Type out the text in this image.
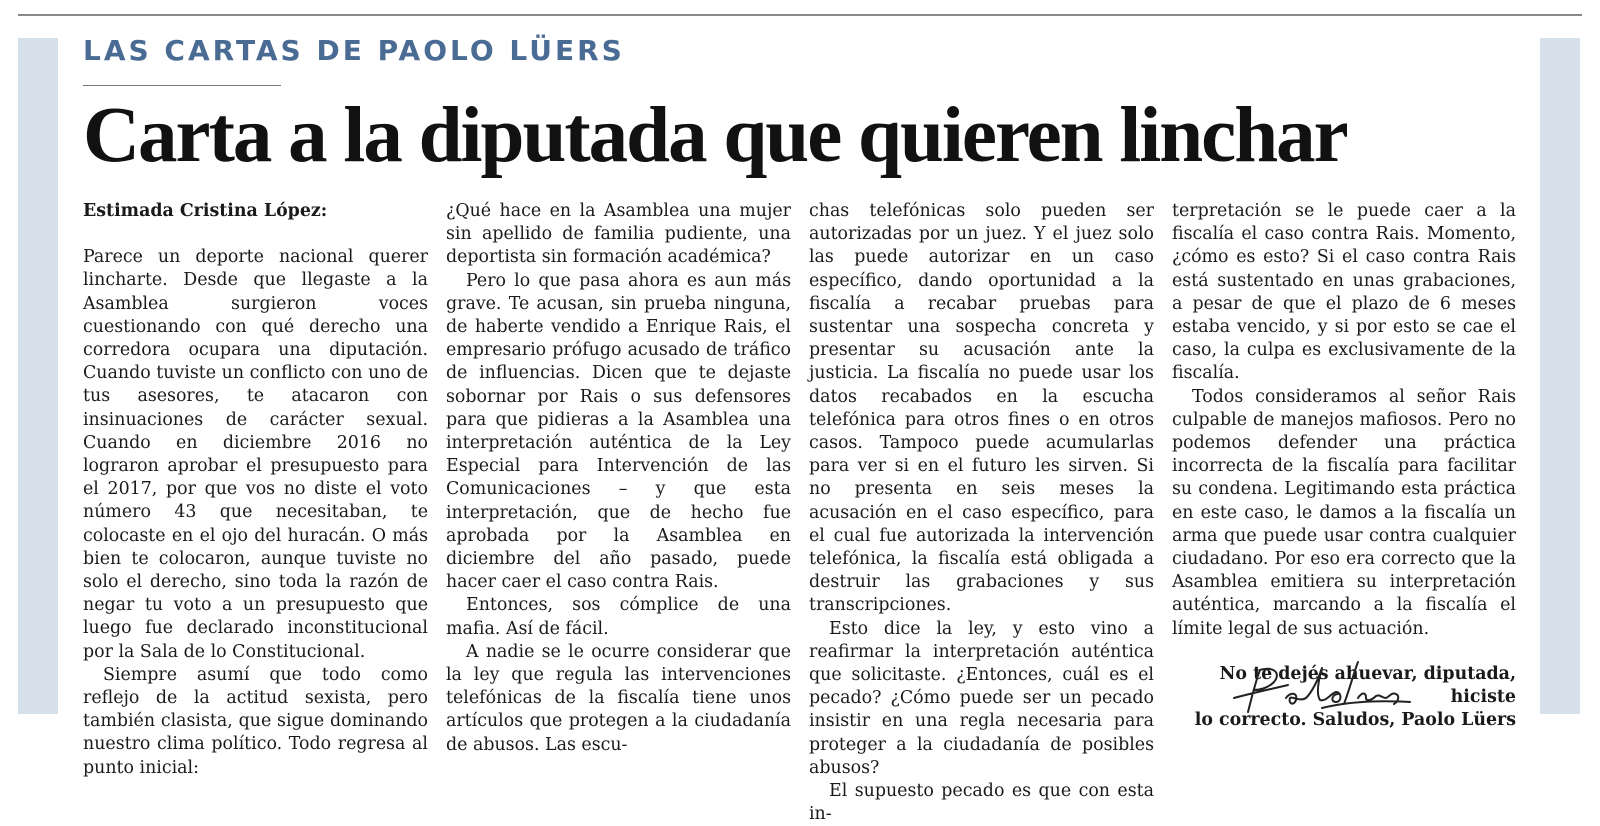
LAS CARTAS DE PAOLO LÜERS
Carta a la diputada que quieren linchar

Estimada Cristina López:

Parece un deporte nacional querer lincharte. Desde que llegaste a la Asamblea surgieron voces cuestionando con qué derecho una corredora ocupara una diputación. Cuando tuviste un conflicto con uno de tus asesores, te atacaron con insinuaciones de carácter sexual. Cuando en diciembre 2016 no lograron aprobar el presupuesto para el 2017, por que vos no diste el voto número 43 que necesitaban, te colocaste en el ojo del huracán. O más bien te colocaron, aunque tuviste no solo el derecho, sino toda la razón de negar tu voto a un presupuesto que luego fue declarado inconstitucional por la Sala de lo Constitucional.

Siempre asumí que todo como reflejo de la actitud sexista, pero también clasista, que sigue dominando nuestro clima político. Todo regresa al punto inicial:

¿Qué hace en la Asamblea una mujer sin apellido de familia pudiente, una deportista sin formación académica?

Pero lo que pasa ahora es aun más grave. Te acusan, sin prueba ninguna, de haberte vendido a Enrique Rais, el empresario prófugo acusado de tráfico de influencias. Dicen que te dejaste sobornar por Rais o sus defensores para que pidieras a la Asamblea una interpretación auténtica de la Ley Especial para Intervención de las Comunicaciones – y que esta interpretación, que de hecho fue aprobada por la Asamblea en diciembre del año pasado, puede hacer caer el caso contra Rais.

Entonces, sos cómplice de una mafia. Así de fácil.

A nadie se le ocurre considerar que la ley que regula las intervenciones telefónicas de la fiscalía tiene unos artículos que protegen a la ciudadanía de abusos. Las escu-

chas telefónicas solo pueden ser autorizadas por un juez. Y el juez solo las puede autorizar en un caso específico, dando oportunidad a la fiscalía a recabar pruebas para sustentar una sospecha concreta y presentar su acusación ante la justicia. La fiscalía no puede usar los datos recabados en la escucha telefónica para otros fines o en otros casos. Tampoco puede acumularlas para ver si en el futuro les sirven. Si no presenta en seis meses la acusación en el caso específico, para el cual fue autorizada la intervención telefónica, la fiscalía está obligada a destruir las grabaciones y sus transcripciones.

Esto dice la ley, y esto vino a reafirmar la interpretación auténtica que solicitaste. ¿Entonces, cuál es el pecado? ¿Cómo puede ser un pecado insistir en una regla necesaria para proteger a la ciudadanía de posibles abusos?

El supuesto pecado es que con esta in-

terpretación se le puede caer a la fiscalía el caso contra Rais. Momento, ¿cómo es esto? Si el caso contra Rais está sustentado en unas grabaciones, a pesar de que el plazo de 6 meses estaba vencido, y si por esto se cae el caso, la culpa es exclusivamente de la fiscalía.

Todos consideramos al señor Rais culpable de manejos mafiosos. Pero no podemos defender una práctica incorrecta de la fiscalía para facilitar su condena. Legitimando esta práctica en este caso, le damos a la fiscalía un arma que puede usar contra cualquier ciudadano. Por eso era correcto que la Asamblea emitiera su interpretación auténtica, marcando a la fiscalía el límite legal de sus actuación.

No te dejés ahuevar, diputada, hiciste
lo correcto. Saludos, Paolo Lüers
